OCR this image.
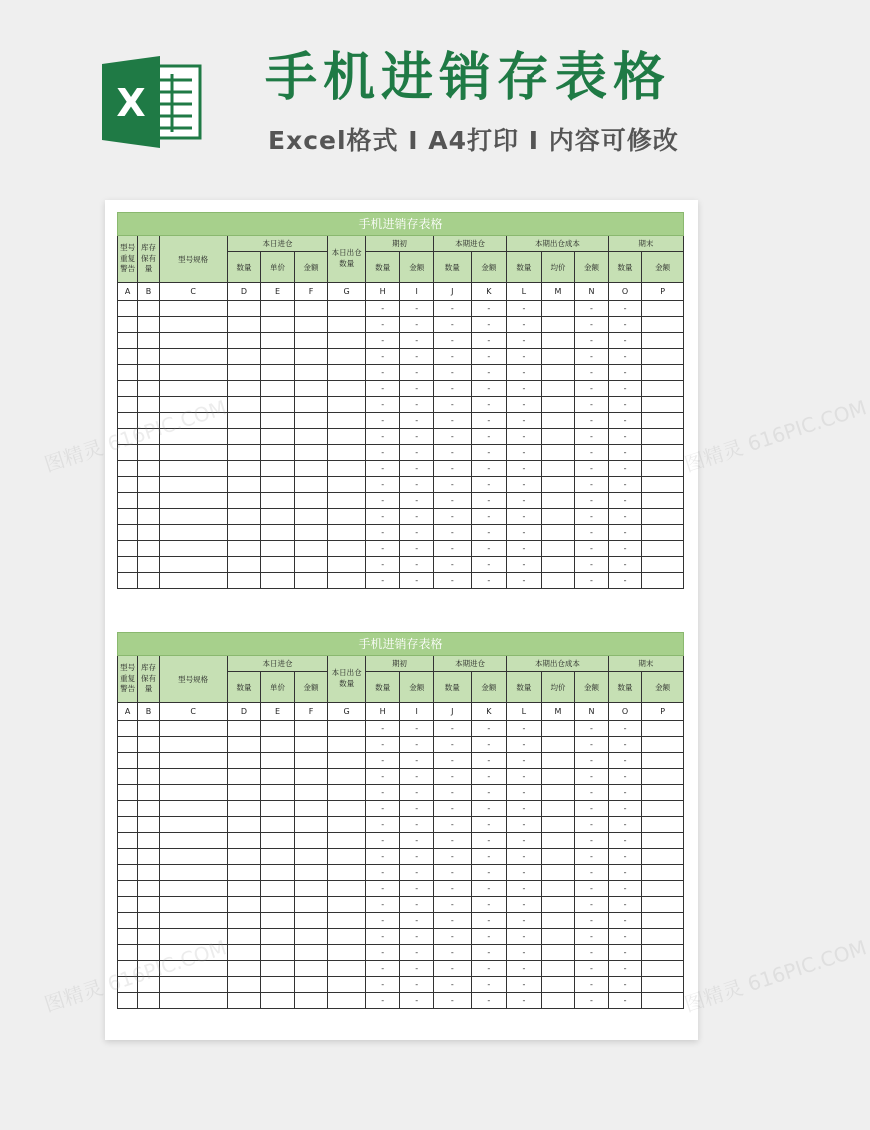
X 手机进销存表格
Excel格式 I A4打印 I 内容可修改
手机进销存表格															
型号重复警告	库存保有量	型号规格	本日进仓			本日出仓数量	期初		本期进仓		本期出仓成本			期末	
			数量	单价	金额		数量	金额	数量	金额	数量	均价	金额	数量	金额
A	B	C	D	E	F	G	H	I	J	K	L	M	N	O	P
							-	-	-	-	-		-	-	
							-	-	-	-	-		-	-	
							-	-	-	-	-		-	-	
							-	-	-	-	-		-	-	
							-	-	-	-	-		-	-	
							-	-	-	-	-		-	-	
							-	-	-	-	-		-	-	
							-	-	-	-	-		-	-	
							-	-	-	-	-		-	-	
							-	-	-	-	-		-	-	
							-	-	-	-	-		-	-	
							-	-	-	-	-		-	-	
							-	-	-	-	-		-	-	
							-	-	-	-	-		-	-	
							-	-	-	-	-		-	-	
							-	-	-	-	-		-	-	
							-	-	-	-	-		-	-	
							-	-	-	-	-		-	-	
手机进销存表格															
型号重复警告	库存保有量	型号规格	本日进仓			本日出仓数量	期初		本期进仓		本期出仓成本			期末	
			数量	单价	金额		数量	金额	数量	金额	数量	均价	金额	数量	金额
A	B	C	D	E	F	G	H	I	J	K	L	M	N	O	P
							-	-	-	-	-		-	-	
							-	-	-	-	-		-	-	
							-	-	-	-	-		-	-	
							-	-	-	-	-		-	-	
							-	-	-	-	-		-	-	
							-	-	-	-	-		-	-	
							-	-	-	-	-		-	-	
							-	-	-	-	-		-	-	
							-	-	-	-	-		-	-	
							-	-	-	-	-		-	-	
							-	-	-	-	-		-	-	
							-	-	-	-	-		-	-	
							-	-	-	-	-		-	-	
							-	-	-	-	-		-	-	
							-	-	-	-	-		-	-	
							-	-	-	-	-		-	-	
							-	-	-	-	-		-	-	
							-	-	-	-	-		-	-	
图精灵	图精灵 616PIC.COM
图精灵	图精灵 616PIC.COM
